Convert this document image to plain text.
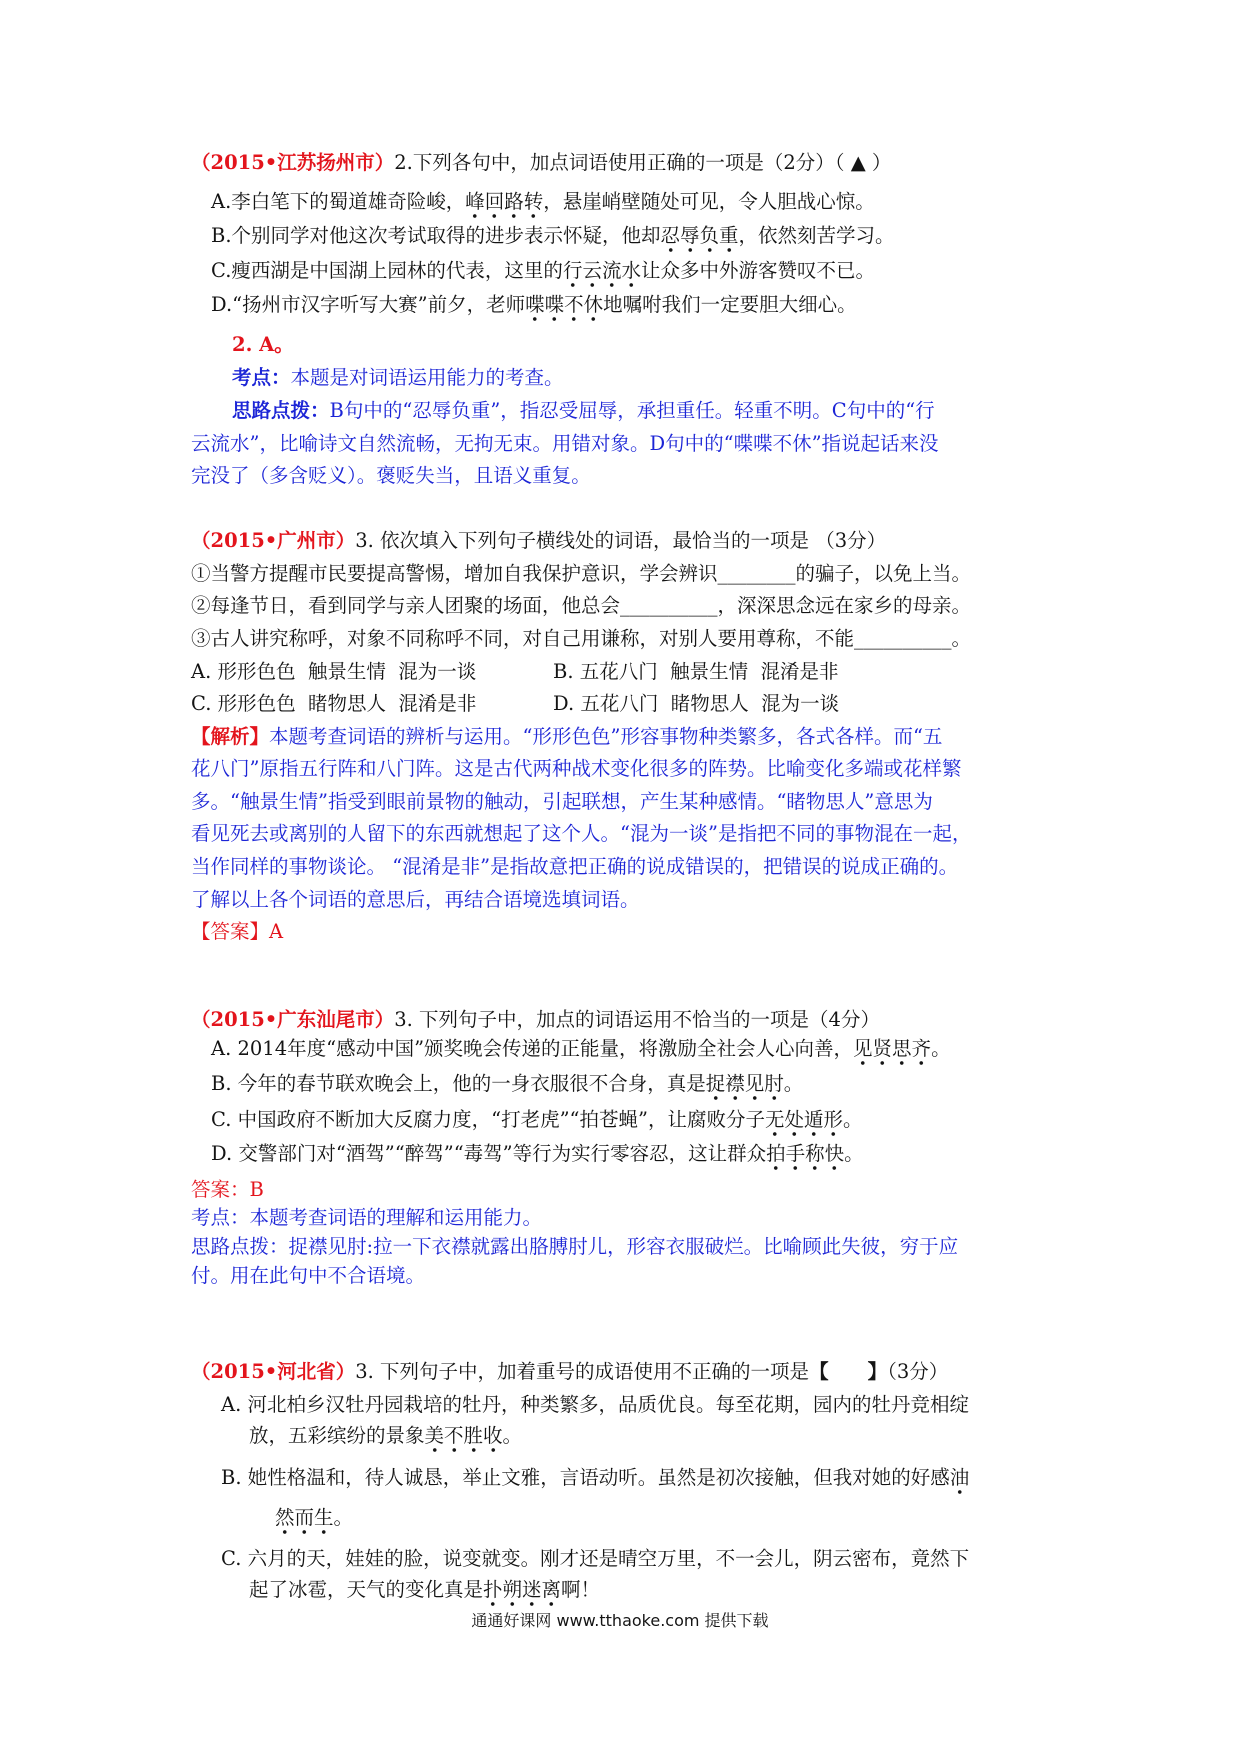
（2015•江苏扬州市）2.下列各句中，加点词语使用正确的一项是（2分）（ ▲ ）
A.李白笔下的蜀道雄奇险峻，峰回路转，悬崖峭壁随处可见，令人胆战心惊。
B.个别同学对他这次考试取得的进步表示怀疑，他却忍辱负重，依然刻苦学习。
C.瘦西湖是中国湖上园林的代表，这里的行云流水让众多中外游客赞叹不已。
D.“扬州市汉字听写大赛”前夕，老师喋喋不休地嘱咐我们一定要胆大细心。
2. A。
考点：本题是对词语运用能力的考查。
思路点拨：B句中的“忍辱负重”，指忍受屈辱，承担重任。轻重不明。C句中的“行
云流水”，比喻诗文自然流畅，无拘无束。用错对象。D句中的“喋喋不休”指说起话来没
完没了（多含贬义）。褒贬失当，且语义重复。
（2015•广州市）3. 依次填入下列句子横线处的词语，最恰当的一项是 （3分）
①当警方提醒市民要提高警惕，增加自我保护意识，学会辨识________的骗子，以免上当。
②每逢节日，看到同学与亲人团聚的场面，他总会__________，深深思念远在家乡的母亲。
③古人讲究称呼，对象不同称呼不同，对自己用谦称，对别人要用尊称，不能__________。
A. 形形色色  触景生情  混为一谈	B. 五花八门  触景生情  混淆是非
C. 形形色色  睹物思人  混淆是非	D. 五花八门  睹物思人  混为一谈
【解析】本题考查词语的辨析与运用。“形形色色”形容事物种类繁多，各式各样。而“五
花八门”原指五行阵和八门阵。这是古代两种战术变化很多的阵势。比喻变化多端或花样繁
多。“触景生情”指受到眼前景物的触动，引起联想，产生某种感情。“睹物思人”意思为
看见死去或离别的人留下的东西就想起了这个人。“混为一谈”是指把不同的事物混在一起，
当作同样的事物谈论。 “混淆是非”是指故意把正确的说成错误的，把错误的说成正确的。
了解以上各个词语的意思后，再结合语境选填词语。
【答案】A
（2015•广东汕尾市）3. 下列句子中，加点的词语运用不恰当的一项是（4分）
A. 2014年度“感动中国”颁奖晚会传递的正能量，将激励全社会人心向善，见贤思齐。
B. 今年的春节联欢晚会上，他的一身衣服很不合身，真是捉襟见肘。
C. 中国政府不断加大反腐力度，“打老虎”“拍苍蝇”，让腐败分子无处遁形。
D. 交警部门对“酒驾”“醉驾”“毒驾”等行为实行零容忍，这让群众拍手称快。
答案：B
考点：本题考查词语的理解和运用能力。
思路点拨：捉襟见肘:拉一下衣襟就露出胳膊肘儿，形容衣服破烂。比喻顾此失彼，穷于应
付。用在此句中不合语境。
（2015•河北省）3. 下列句子中，加着重号的成语使用不正确的一项是【　　】（3分）
A. 河北柏乡汉牡丹园栽培的牡丹，种类繁多，品质优良。每至花期，园内的牡丹竞相绽
放，五彩缤纷的景象美不胜收。
B. 她性格温和，待人诚恳，举止文雅，言语动听。虽然是初次接触，但我对她的好感油
然而生。
C. 六月的天，娃娃的脸，说变就变。刚才还是晴空万里，不一会儿，阴云密布，竟然下
起了冰雹，天气的变化真是扑朔迷离啊！
通通好课网 www.tthaoke.com 提供下载
